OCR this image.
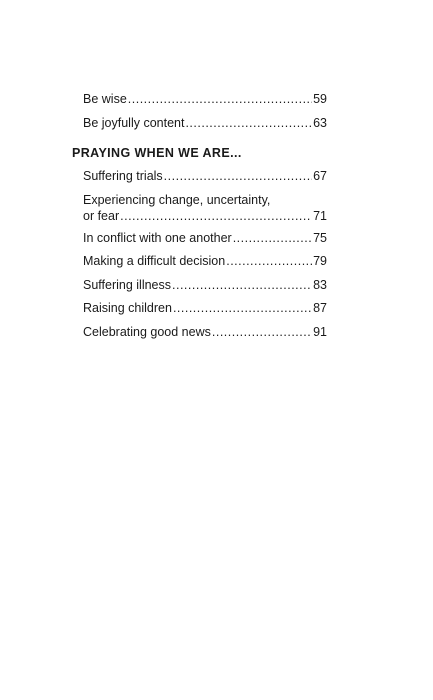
Be wise .....	59
Be joyfully content .....	63
PRAYING WHEN WE ARE...
Suffering trials .....	67
Experiencing change, uncertainty,
or fear .....	71
In conflict with one another .....	75
Making a difficult decision .....	79
Suffering illness .....	83
Raising children .....	87
Celebrating good news .....	91
